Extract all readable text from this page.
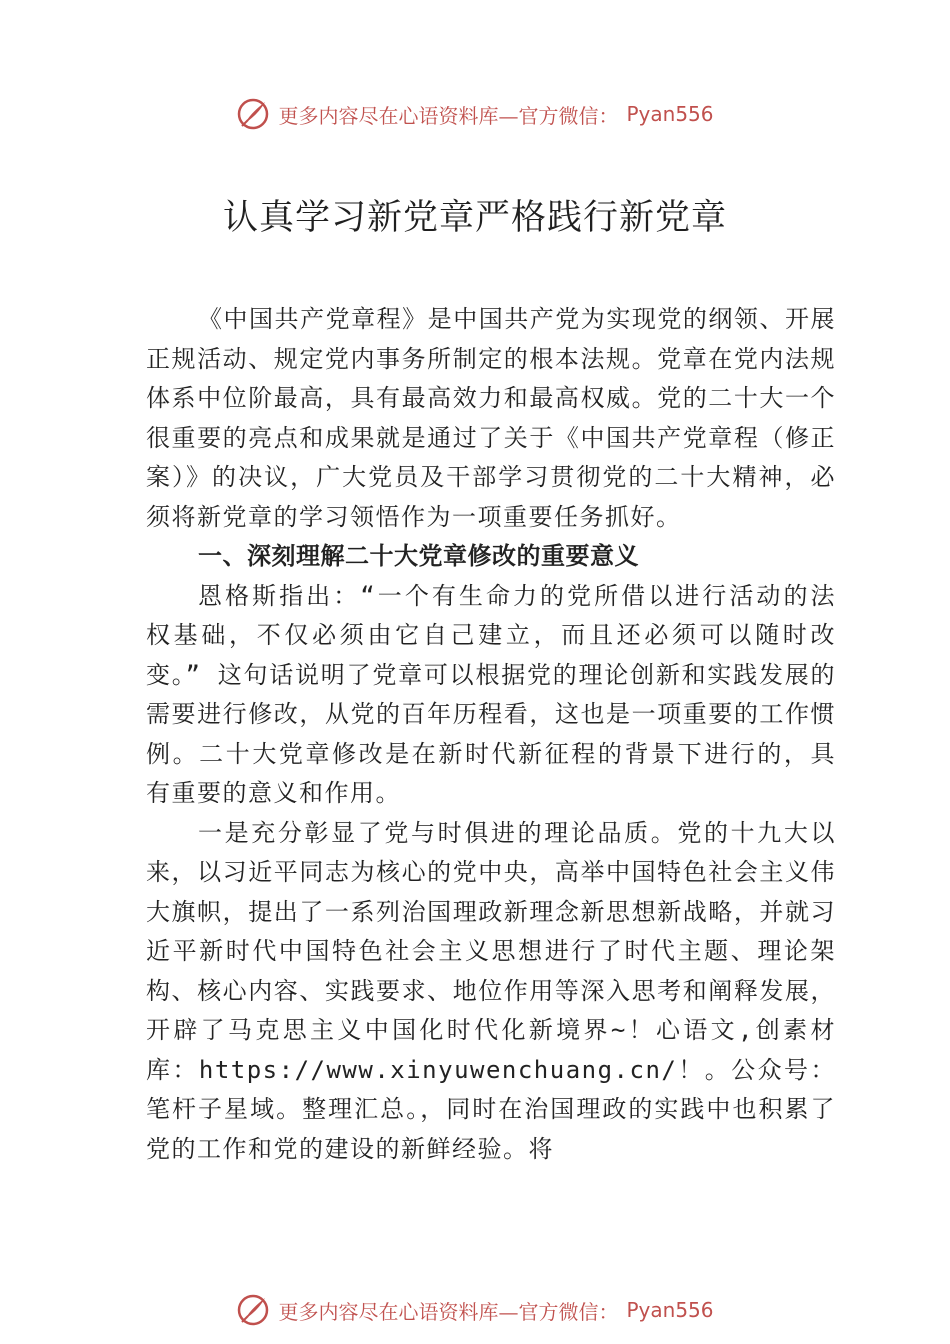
更多内容尽在心语资料库—官方微信： Pyan556
认真学习新党章严格践行新党章

《中国共产党章程》是中国共产党为实现党的纲领、开展正规活动、规定党内事务所制定的根本法规。党章在党内法规体系中位阶最高，具有最高效力和最高权威。党的二十大一个很重要的亮点和成果就是通过了关于《中国共产党章程（修正案）》的决议，广大党员及干部学习贯彻党的二十大精神，必须将新党章的学习领悟作为一项重要任务抓好。

一、深刻理解二十大党章修改的重要意义

恩格斯指出：“一个有生命力的党所借以进行活动的法 权基础，不仅必须由它自己建立，而且还必须可以随时改变。” 这句话说明了党章可以根据党的理论创新和实践发展的需要进行修改，从党的百年历程看，这也是一项重要的工作惯 例。二十大党章修改是在新时代新征程的背景下进行的，具 有重要的意义和作用。

一是充分彰显了党与时俱进的理论品质。党的十九大以来，以习近平同志为核心的党中央，高举中国特色社会主义伟大旗帜，提出了一系列治国理政新理念新思想新战略，并就习近平新时代中国特色社会主义思想进行了时代主题、理论架构、核心内容、实践要求、地位作用等深入思考和阐释发展，开辟了马克思主义中国化时代化新境界~！心语文,创素材库：https://www.xinyuwenchuang.cn/！。公众号：笔杆子星域。整理汇总。，同时在治国理政的实践中也积累了党的工作和党的建设的新鲜经验。将

更多内容尽在心语资料库—官方微信： Pyan556
